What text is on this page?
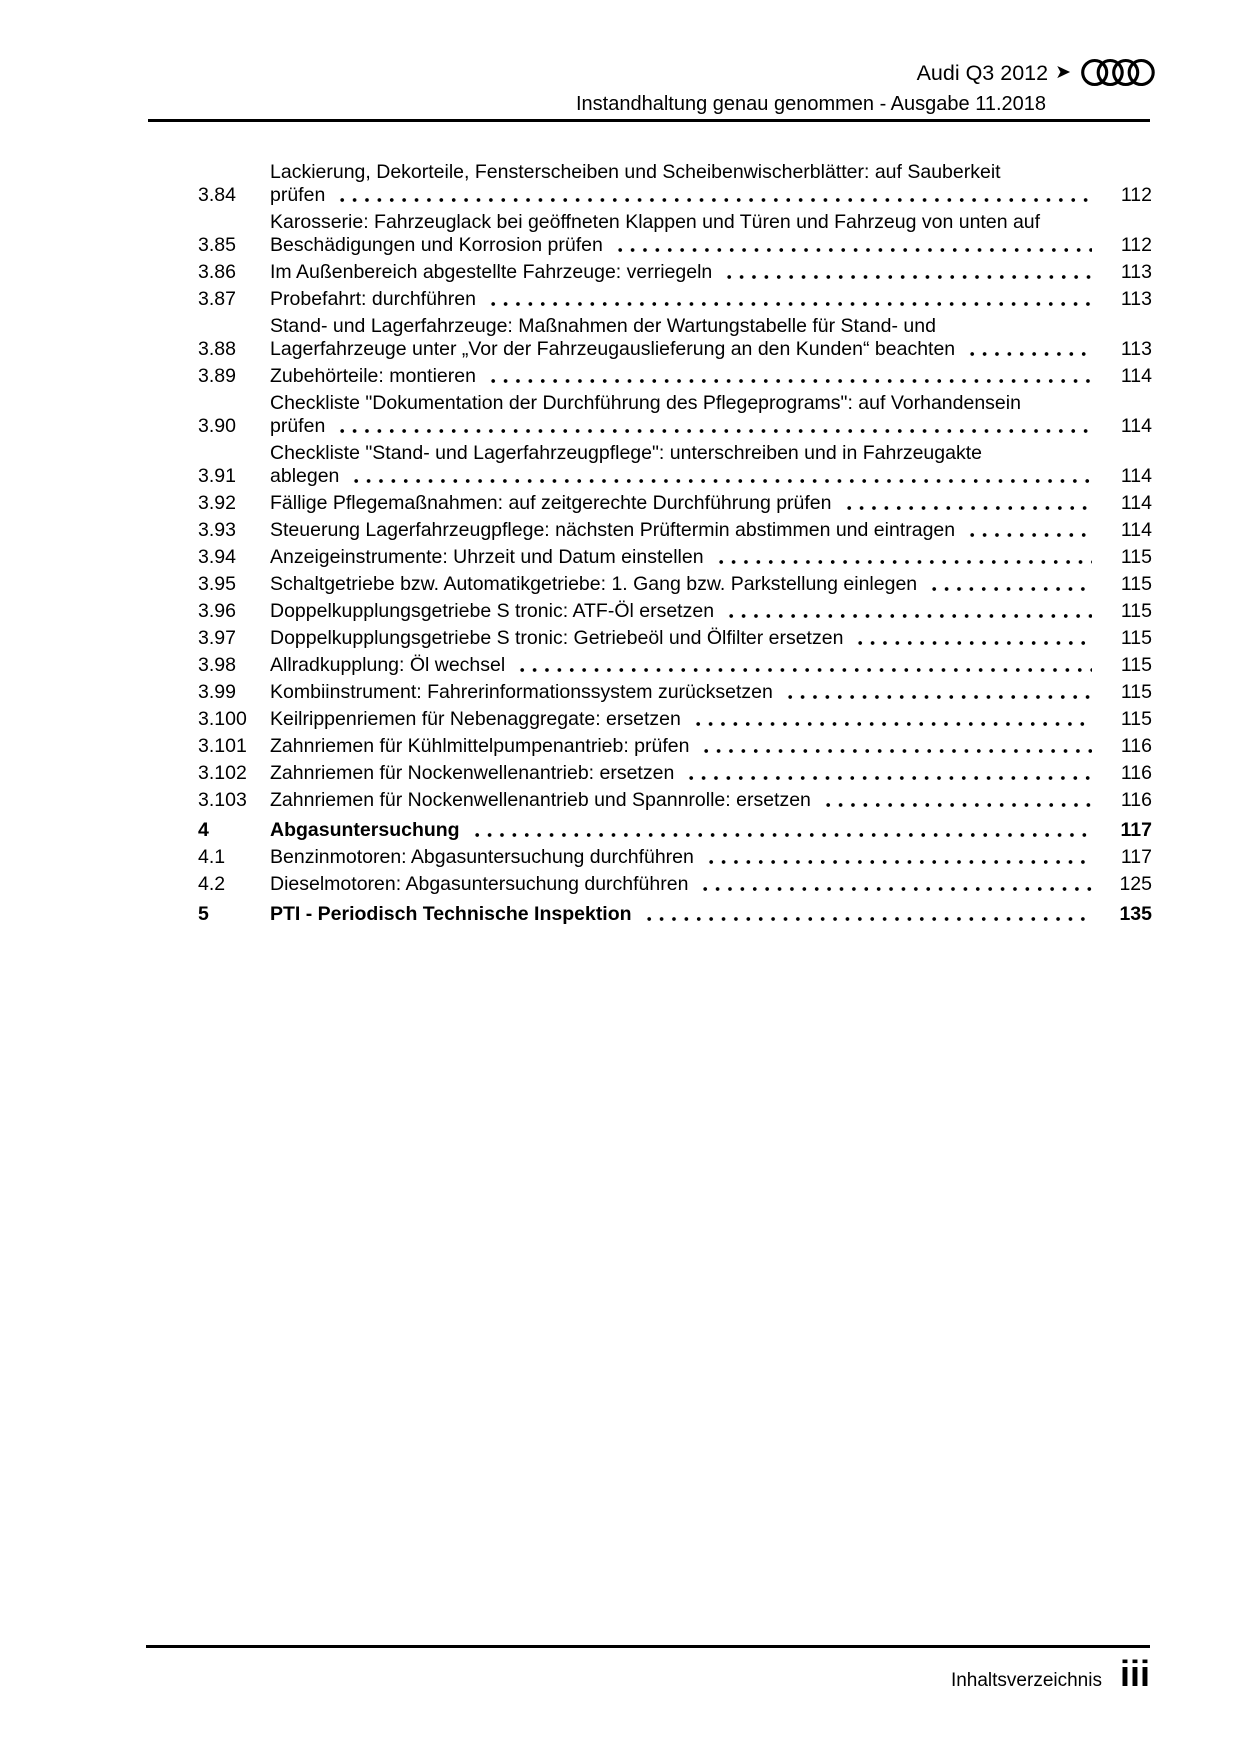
Audi Q3 2012 ➤
Instandhaltung genau genommen - Ausgabe 11.2018
3.84
Lackierung, Dekorteile, Fensterscheiben und Scheibenwischerblätter: auf Sauberkeit
prüfen	112
3.85
Karosserie: Fahrzeuglack bei geöffneten Klappen und Türen und Fahrzeug von unten auf
Beschädigungen und Korrosion prüfen	112
3.86	Im Außenbereich abgestellte Fahrzeuge: verriegeln	113
3.87	Probefahrt: durchführen	113
3.88
Stand- und Lagerfahrzeuge: Maßnahmen der Wartungstabelle für Stand- und
Lagerfahrzeuge unter „Vor der Fahrzeugauslieferung an den Kunden“ beachten	113
3.89	Zubehörteile: montieren	114
3.90
Checkliste "Dokumentation der Durchführung des Pflegeprograms": auf Vorhandensein
prüfen	114
3.91
Checkliste "Stand- und Lagerfahrzeugpflege": unterschreiben und in Fahrzeugakte
ablegen	114
3.92	Fällige Pflegemaßnahmen: auf zeitgerechte Durchführung prüfen	114
3.93	Steuerung Lagerfahrzeugpflege: nächsten Prüftermin abstimmen und eintragen	114
3.94	Anzeigeinstrumente: Uhrzeit und Datum einstellen	115
3.95	Schaltgetriebe bzw. Automatikgetriebe: 1. Gang bzw. Parkstellung einlegen	115
3.96	Doppelkupplungsgetriebe S tronic: ATF-Öl ersetzen	115
3.97	Doppelkupplungsgetriebe S tronic: Getriebeöl und Ölfilter ersetzen	115
3.98	Allradkupplung: Öl wechsel	115
3.99	Kombiinstrument: Fahrerinformationssystem zurücksetzen	115
3.100	Keilrippenriemen für Nebenaggregate: ersetzen	115
3.101	Zahnriemen für Kühlmittelpumpenantrieb: prüfen	116
3.102	Zahnriemen für Nockenwellenantrieb: ersetzen	116
3.103	Zahnriemen für Nockenwellenantrieb und Spannrolle: ersetzen	116
4	Abgasuntersuchung	117
4.1	Benzinmotoren: Abgasuntersuchung durchführen	117
4.2	Dieselmotoren: Abgasuntersuchung durchführen	125
5	PTI - Periodisch Technische Inspektion	135
Inhaltsverzeichnis iii
